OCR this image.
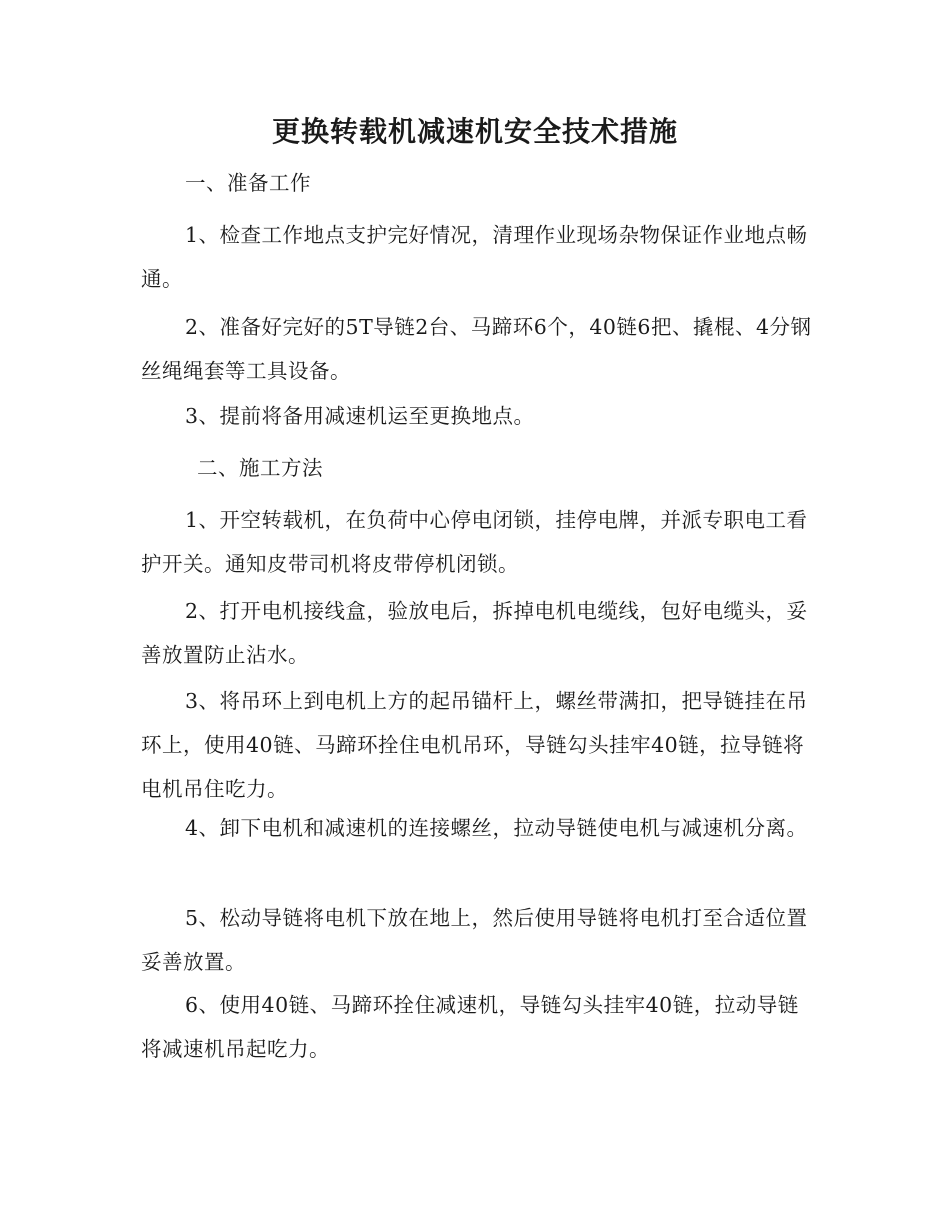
更换转载机减速机安全技术措施

一、准备工作

1、检查工作地点支护完好情况，清理作业现场杂物保证作业地点畅通。

2、准备好完好的5T导链2台、马蹄环6个，40链6把、撬棍、4分钢丝绳绳套等工具设备。

3、提前将备用减速机运至更换地点。

二、施工方法

1、开空转载机，在负荷中心停电闭锁，挂停电牌，并派专职电工看护开关。通知皮带司机将皮带停机闭锁。

2、打开电机接线盒，验放电后，拆掉电机电缆线，包好电缆头，妥善放置防止沾水。

3、将吊环上到电机上方的起吊锚杆上，螺丝带满扣，把导链挂在吊环上，使用40链、马蹄环拴住电机吊环，导链勾头挂牢40链，拉导链将电机吊住吃力。

4、卸下电机和减速机的连接螺丝，拉动导链使电机与减速机分离。

5、松动导链将电机下放在地上，然后使用导链将电机打至合适位置妥善放置。

6、使用40链、马蹄环拴住减速机，导链勾头挂牢40链，拉动导链将减速机吊起吃力。
